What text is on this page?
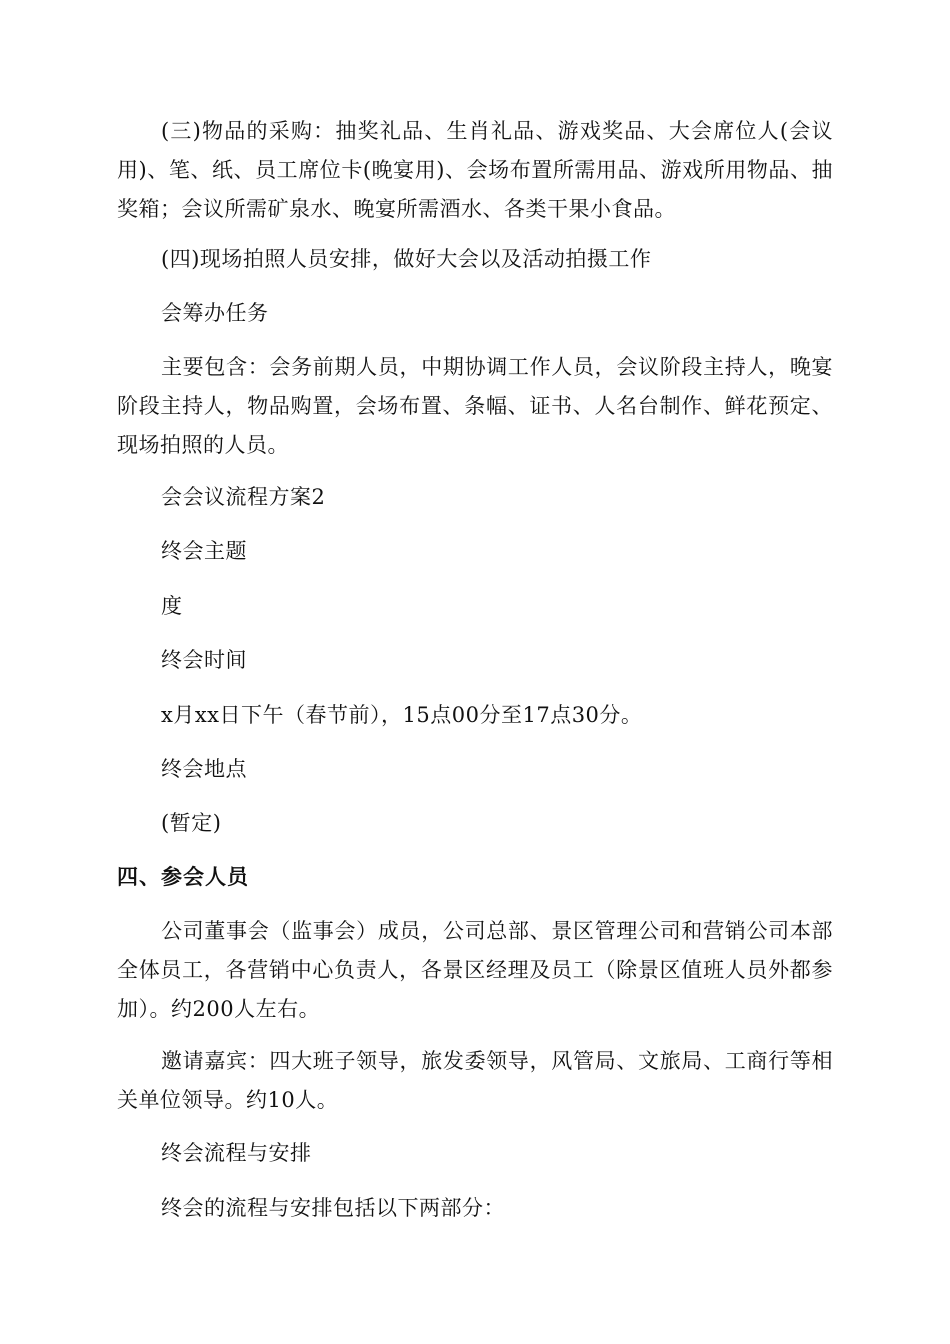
(三)物品的采购：抽奖礼品、生肖礼品、游戏奖品、大会席位人(会议用)、笔、纸、员工席位卡(晚宴用)、会场布置所需用品、游戏所用物品、抽奖箱；会议所需矿泉水、晚宴所需酒水、各类干果小食品。

(四)现场拍照人员安排，做好大会以及活动拍摄工作

会筹办任务

主要包含：会务前期人员，中期协调工作人员，会议阶段主持人，晚宴阶段主持人，物品购置，会场布置、条幅、证书、人名台制作、鲜花预定、现场拍照的人员。

会会议流程方案2

终会主题

度

终会时间

x月xx日下午（春节前），15点00分至17点30分。

终会地点

(暂定)

四、参会人员

公司董事会（监事会）成员，公司总部、景区管理公司和营销公司本部全体员工，各营销中心负责人，各景区经理及员工（除景区值班人员外都参加）。约200人左右。

邀请嘉宾：四大班子领导，旅发委领导，风管局、文旅局、工商行等相关单位领导。约10人。

终会流程与安排

终会的流程与安排包括以下两部分：
